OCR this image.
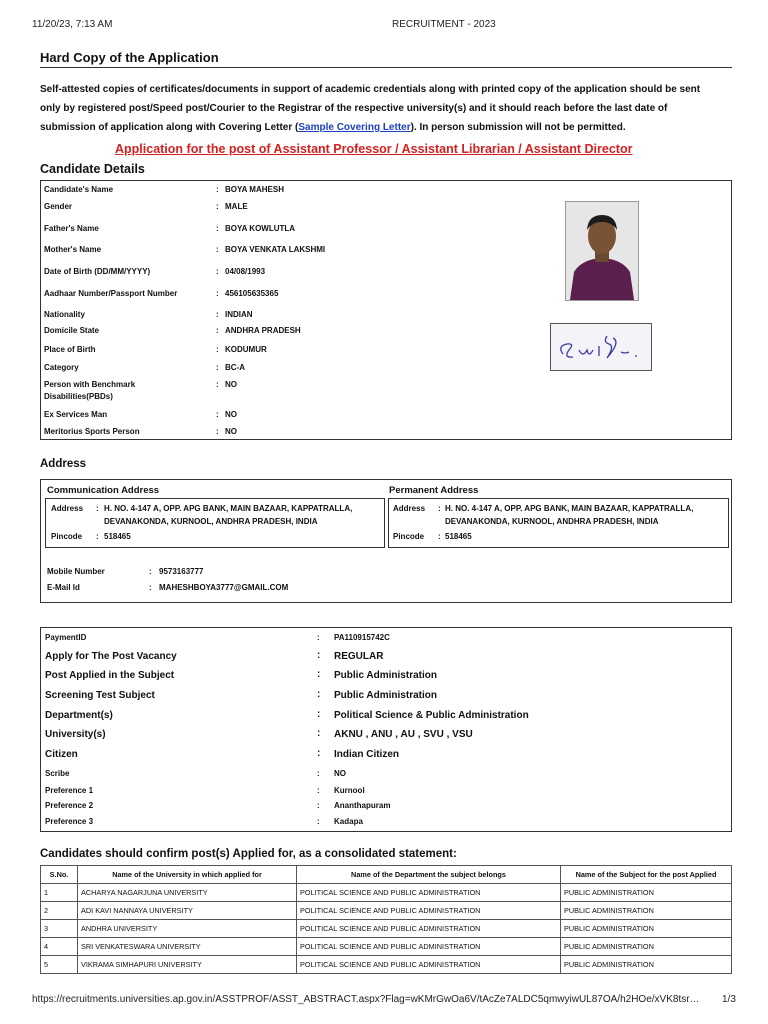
11/20/23, 7:13 AM	RECRUITMENT - 2023
Hard Copy of the Application
Self-attested copies of certificates/documents in support of academic credentials along with printed copy of the application should be sent
only by registered post/Speed post/Courier to the Registrar of the respective university(s) and it should reach before the last date of
submission of application along with Covering Letter (Sample Covering Letter). In person submission will not be permitted.
Application for the post of Assistant Professor / Assistant Librarian / Assistant Director
Candidate Details
Candidate's Name	: BOYA MAHESH
Gender	: MALE
Father's Name	: BOYA KOWLUTLA
Mother's Name	: BOYA VENKATA LAKSHMI
Date of Birth (DD/MM/YYYY)	: 04/08/1993
Aadhaar Number/Passport Number	: 456105635365
Nationality	: INDIAN
Domicile State	: ANDHRA PRADESH
Place of Birth	: KODUMUR
Category	: BC-A
Person with Benchmark
Disabilities(PBDs)
: NO
Ex Services Man	: NO
Meritorius Sports Person	: NO
Address
Communication Address	Permanent Address
Address : H. NO. 4-147 A, OPP. APG BANK, MAIN BAZAAR, KAPPATRALLA,
DEVANAKONDA, KURNOOL, ANDHRA PRADESH, INDIA
Pincode : 518465
Address : H. NO. 4-147 A, OPP. APG BANK, MAIN BAZAAR, KAPPATRALLA,
DEVANAKONDA, KURNOOL, ANDHRA PRADESH, INDIA
Pincode : 518465
Mobile Number	: 9573163777
E-Mail Id	: MAHESHBOYA3777@GMAIL.COM
PaymentID	: PA110915742C
Apply for The Post Vacancy	: REGULAR
Post Applied in the Subject	: Public Administration
Screening Test Subject	: Public Administration
Department(s)	: Political Science & Public Administration
University(s)	: AKNU , ANU , AU , SVU , VSU
Citizen	: Indian Citizen
Scribe	: NO
Preference 1	: Kurnool
Preference 2	: Ananthapuram
Preference 3	: Kadapa
Candidates should confirm post(s) Applied for, as a consolidated statement:
S.No.	Name of the University in which applied for	Name of the Department the subject belongs	Name of the Subject for the post Applied
1	ACHARYA NAGARJUNA UNIVERSITY	POLITICAL SCIENCE AND PUBLIC ADMINISTRATION	PUBLIC ADMINISTRATION
2	ADI KAVI NANNAYA UNIVERSITY	POLITICAL SCIENCE AND PUBLIC ADMINISTRATION	PUBLIC ADMINISTRATION
3	ANDHRA UNIVERSITY	POLITICAL SCIENCE AND PUBLIC ADMINISTRATION	PUBLIC ADMINISTRATION
4	SRI VENKATESWARA UNIVERSITY	POLITICAL SCIENCE AND PUBLIC ADMINISTRATION	PUBLIC ADMINISTRATION
5	VIKRAMA SIMHAPURI UNIVERSITY	POLITICAL SCIENCE AND PUBLIC ADMINISTRATION	PUBLIC ADMINISTRATION
https://recruitments.universities.ap.gov.in/ASSTPROF/ASST_ABSTRACT.aspx?Flag=wKMrGwOa6V/tAcZe7ALDC5qmwyiwUL87OA/h2HOe/xVK8tsr…	1/3
